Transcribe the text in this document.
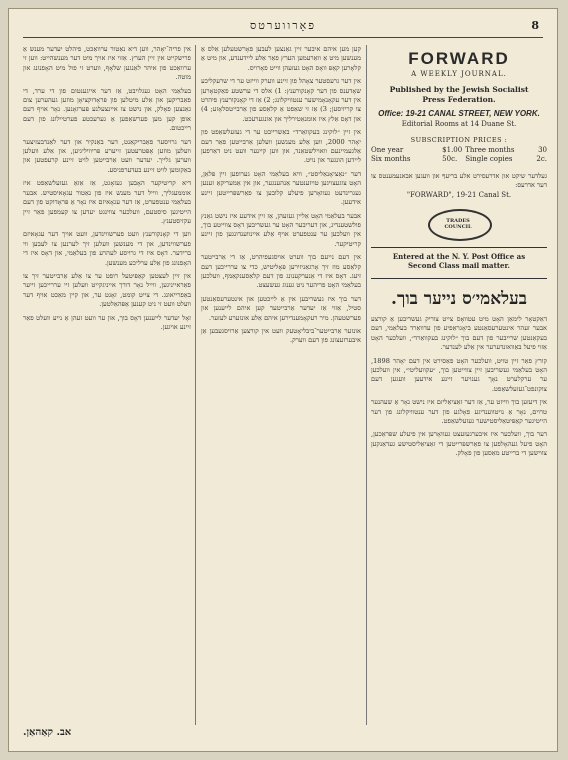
פאָרווערטס	8

אין פריה־יאָהר, ווען דיא נאַטור ערוואַכט, פיהלט יעדער מענש אַ פרישקייט אין זיין הערץ. אַזוי איז אויך מיט דער מענשהייט: ווען זי ערוואַכט פון איהר לאַנגען שלאָף, ווערט זי פול מיט האָפנונג און מוטה.

בעלאַמי האָט געגלויבט, אַז דער אייגענטום פון די ערד, די פאַבריקען און אַלע מיטלען פון פּראָדוקציאָן מוזען געהערען צום גאַנצען פאָלק, און נישט צו איינצעלנע פּערזאָנען. נאָר אויף דעם אופן קען מען פערשאַפען אַ גערעכטע פערטיילונג פון דעם רייכטום.

דער גרויסער פאַבריקאַנט, דער באַנקיר און דער לאַנדבעזיצער וועלען מוזען אָפּטרעטען זייערע פּריוויליגיען, און אַלע וועלען ווערען גלייך. יעדער וועט אַרבייטען לויט זיינע קרעפטען און באַקומען לויט זיינע בעדערפניסע.

דיא קריטיקער האָבען געזאָגט, אַז אַזאַ געזעלשאַפט איז אוממעגליך, ווייל דער מענש איז פון נאַטור עגאָאיסטיש. אבער בעלאַמי ענטפערט, אַז דער עגאָאיזם איז נאָר אַ פּראָדוקט פון דעם הייטיגען סיסטעם, וועלכער צווינגט יעדען צו קעמפען פאַר זיין עקזיסטענץ.

ווען די קאָנקורענץ וועט פערשווינדען, וועט אויך דער עגאָאיזם פערשווינדען, און די מענשען וועלען זיך לערנען צו לעבען ווי ברידער. דאָס איז די גרויסע לעהרע פון בעלאַמי, און דאָס איז די האָפנונג פון אַלע ערליכע מענשען.

אין זיין לעצטען קאַפּיטעל רופט ער צו אַלע אַרבייטער זיך צו פאַראייניגען, ווייל נאָר דורך אייניגקייט וועלען זיי עררייכען זייער באַפרייאונג. די צייט קומט, זאָגט ער, און קיין מאַכט אויף דער וועלט וועט זי ניט קענען אָפּהאַלטען.

זאָל יעדער לייענען דאָס בוך, און ער וועט זעהן אַ נייע וועלט פאַר זיינע אויגען.

אב. קאַהאַן.

קען מען איהם איבער זיין גאַנצען לעבען פאָרשטעלען אַלס אַ מענשען מיט אַ וואַרעמען הערץ פאַר אַלע ליידענדע, און מיט אַ קלאָרען קאָפּ וואָס האָט געזעהן ווייט פאָרויס.

אין דער גרעסטער צאָהל פון זיינע ווערק ווייזט ער די שרעקליכע שאָדענס פון דער קאָנקורענץ: 1) אלס די ערשטע פאַקטאָרען אין דער עקאָנאָמישער ענטוויקלונג; 2) אַז די קאָנקורענץ פיהרט צו קריזיסען; 3) אַז זי שאַפט אַ קלאַסע פון אַרבייטסלאָזע; 4) און דאָס אַלץ איז אומנאַטירליך און אונגערעכט.

אין זיין ״לוקינג בעקוואַרד״ באַשרייבט ער די געזעלשאַפט פון יאָהר 2000, ווען אַלע מענשען וועלען אַרבייטען פאַר דעם אַלגעמיינעם וואוילשטאַנד, און ווען קיינער וועט ניט דאַרפען ליידען הונגער און נויט.

דער ״נאַציאָנאַליסט״, וויא בעלאַמי האָט גערופען זיין פּלאַן, האָט צוגעצויגען טויזענטער אַנהענגער, און אין אַמעריקאַ זענען געגרינדעט געוואָרען פיעלע קלובען צו פאַרשפּרייטען זיינע אידעען.

אבער בעלאַמי האָט אַליין געזעהן, אַז זיין אידעע איז נישט גאַנץ פולשטענדיג, און דעריבער האָט ער געשריבען דאָס צווייטע בוך, אין וועלכען ער ענטפערט אויף אַלע איינווענדונגען פון זיינע קריטיקער.

אין דעם נייעם בוך ווערט אויסגעפיהרט, אַז די אַרבייטער קלאַסע מוז זיך אָרגאַניזירען פּאָליטיש, כדי צו עררייכען דעם זיעג. דאָס איז די אַנערקענונג פון דעם קלאַסענקאַמף, וועלכען בעלאַמי האָט פריהער ניט גענוג געשעצט.

דער בוך איז געשריבען אין אַ לייכטען און אינטערעסאַנטען סטיל, אַזוי אַז יעדער אַרבייטער קען איהם לייענען און פערשטעהן. מיר רעקאָמענדירען איהם אַלע אונזערע לעזער.

אונזער אַרבייטער־ביבליאָטעק וועט אין קורצען אַרויסגעבען אַן איבערזעצונג פון דעם ווערק.

FORWARD
A WEEKLY JOURNAL.
Published by the Jewish Socialist
Press Federation.
Office: 19-21 CANAL STREET, NEW YORK.
Editorial Rooms at 14 Duane St.
SUBSCRIPTION PRICES :
One year	$1.00 Three months	30
Six months	50c.	Single copies	2c.
געלדער שיקט און אדרעסירט אלע בריעף און וועגען אבאנעמענטס צו דער אדרעס:
"FORWARD", 19-21 Canal St.
TRADES COUNCIL
Entered at the N. Y. Post Office as
Second Class mail matter.
בעלאמי׳ס נייער בוך.

דאַקטאָר לימאַן האָט מיט עטוואָס צייט צוריק געשריבען אַ קורצע אבער זעהר אינטערעסאַנטע ביאָגראַפיע פון עדוואַרד בעלאַמי, דעם בעקאַנטען שרייבער פון דעם בוך ״לוקינג בעקוואַרד״, וועלכער האָט אַזוי פיעל באַוואונדערער אין אַלע לענדער.

קורץ פאַר זיין טויט, וועלכער האָט פאַסירט אין דעם יאָהר 1898, האָט בעלאַמי געשריבען זיין צווייטען בוך, ״עקוועליטי״, אין וועלכען ער ערקלערט נאָך גענויער זיינע אידעען וועגען דעם צוקונפט־געזעלשאַפט.

אין דיעזען בוך ווייזט ער, אַז דער זאַציאַליזם איז נישט נאָר אַ שעהנער טרוים, נאָר אַ נויטווענדיגע פאָלגע פון דער ענטוויקלונג פון דער הייטיגער קאַפּיטאַליסטישער געזעלשאַפט.

דער בוך, וועלכער איז איבערגעזעצט געוואָרען אין פיעלע שפּראַכען, האָט פיעל געהאָלפען צו פאַרשפּרייטען די זאַציאַליסטישע געדאַנקען צווישען די ברייטע מאַסען פון פאָלק.
